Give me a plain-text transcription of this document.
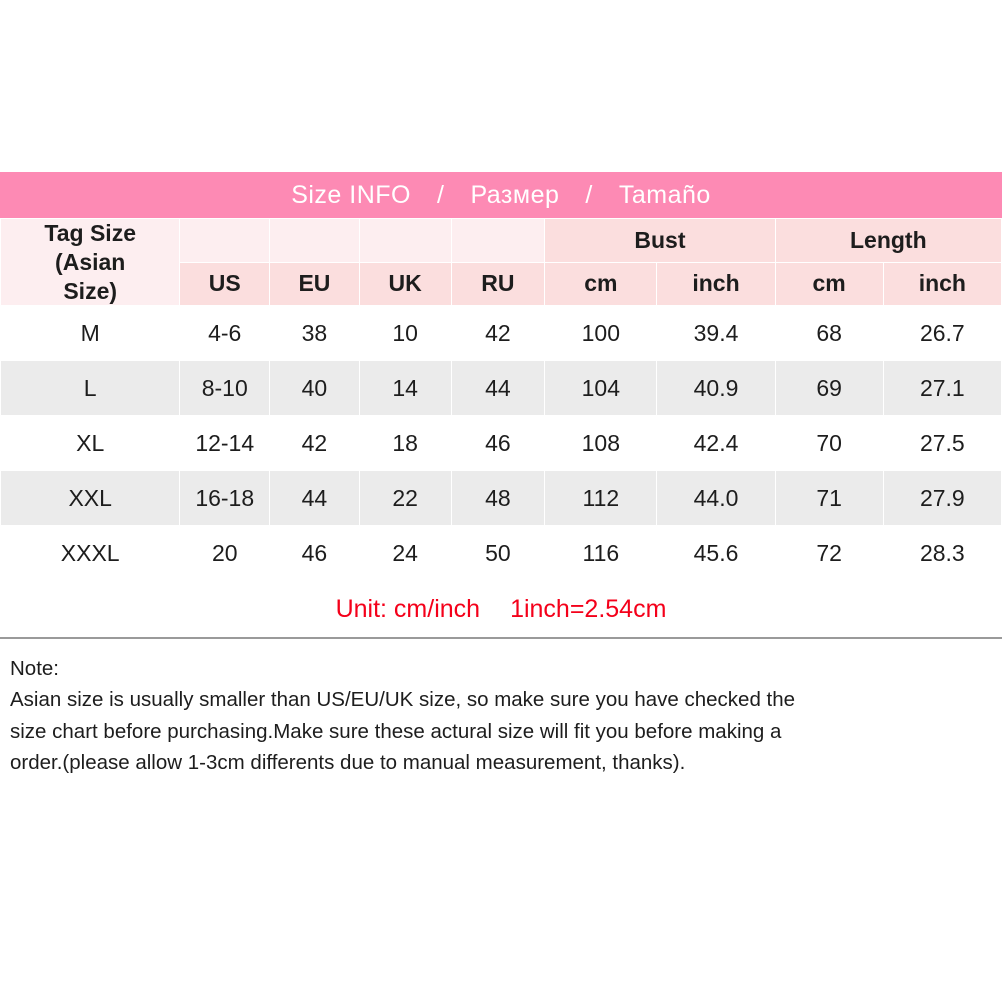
Size INFO	/	Размер	/	Tamaño
Tag Size
(Asian
Size)					Bust		Length	
	US	EU	UK	RU	cm	inch	cm	inch
M	4-6	38	10	42	100	39.4	68	26.7
L	8-10	40	14	44	104	40.9	69	27.1
XL	12-14	42	18	46	108	42.4	70	27.5
XXL	16-18	44	22	48	112	44.0	71	27.9
XXXL	20	46	24	50	116	45.6	72	28.3
Unit: cm/inch 1inch=2.54cm

Note:

Asian size is usually smaller than US/EU/UK size, so make sure you have checked the

size chart before purchasing.Make sure these actural size will fit you before making a

order.(please allow 1-3cm differents due to manual measurement, thanks).
